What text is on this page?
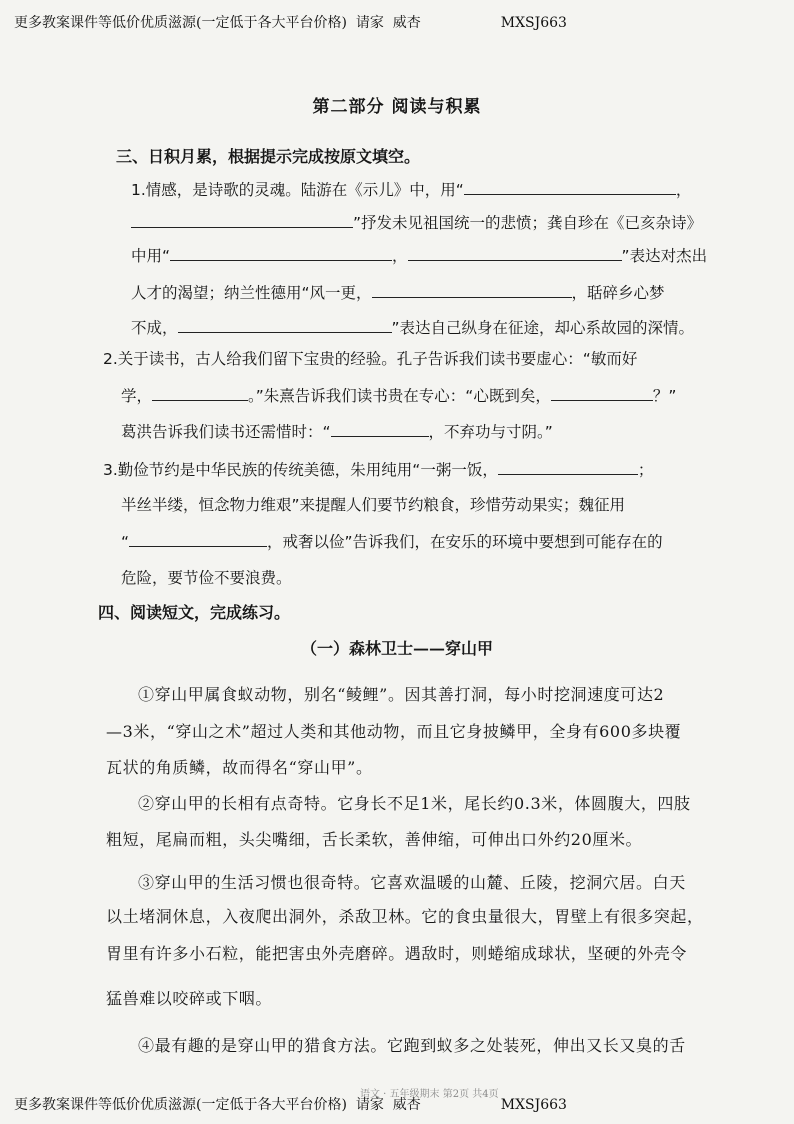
更多教案课件等低价优质滋源(一定低于各大平台价格)  请家  威杏	MXSJ663
第二部分 阅读与积累
三、日积月累，根据提示完成按原文填空。
1.情感，是诗歌的灵魂。陆游在《示儿》中，用“	，
”抒发未见祖国统一的悲愤；龚自珍在《已亥杂诗》
中用“	，	”表达对杰出
人才的渴望；纳兰性德用“风一更，	，聒碎乡心梦
不成，	”表达自己纵身在征途，却心系故园的深情。
2.关于读书，古人给我们留下宝贵的经验。孔子告诉我们读书要虚心：“敏而好
学，	。”朱熹告诉我们读书贵在专心：“心既到矣，	？”
葛洪告诉我们读书还需惜时：“	，不弃功与寸阴。”
3.勤俭节约是中华民族的传统美德，朱用纯用“一粥一饭，	；
半丝半缕，恒念物力维艰”来提醒人们要节约粮食，珍惜劳动果实；魏征用
“	，戒奢以俭”告诉我们，在安乐的环境中要想到可能存在的
危险，要节俭不要浪费。
四、阅读短文，完成练习。
（一）森林卫士——穿山甲
①穿山甲属食蚁动物，别名“鲮鲤”。因其善打洞，每小时挖洞速度可达2
—3米，“穿山之术”超过人类和其他动物，而且它身披鳞甲，全身有600多块覆
瓦状的角质鳞，故而得名“穿山甲”。
②穿山甲的长相有点奇特。它身长不足1米，尾长约0.3米，体圆腹大，四肢
粗短，尾扁而粗，头尖嘴细，舌长柔软，善伸缩，可伸出口外约20厘米。
③穿山甲的生活习惯也很奇特。它喜欢温暖的山麓、丘陵，挖洞穴居。白天
以土堵洞休息，入夜爬出洞外，杀敌卫林。它的食虫量很大，胃壁上有很多突起，
胃里有许多小石粒，能把害虫外壳磨碎。遇敌时，则蜷缩成球状，坚硬的外壳令
猛兽难以咬碎或下咽。
④最有趣的是穿山甲的猎食方法。它跑到蚁多之处装死，伸出又长又臭的舌
语文 · 五年级期末 第2页 共4页
更多教案课件等低价优质滋源(一定低于各大平台价格)  请家  威杏	MXSJ663
